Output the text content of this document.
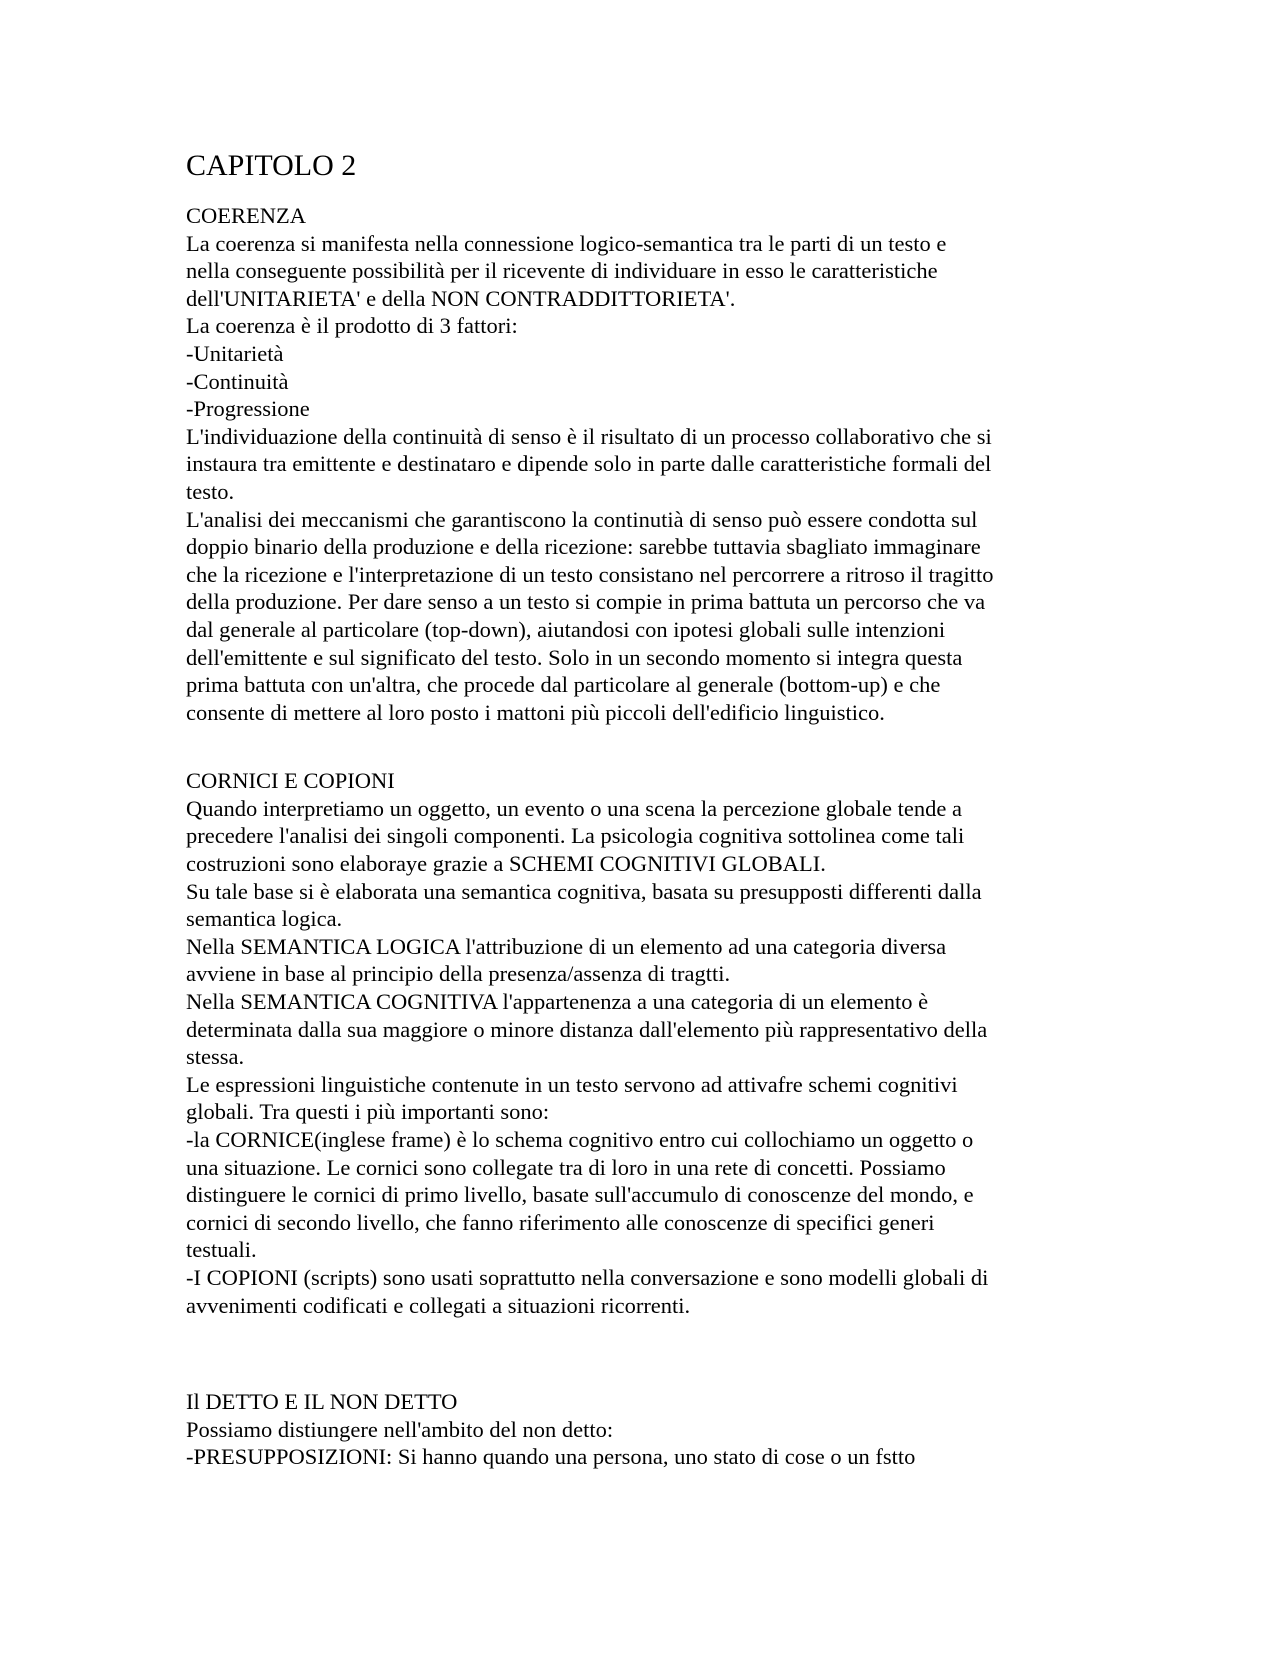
CAPITOLO 2
COERENZA
La coerenza si manifesta nella connessione logico-semantica tra le parti di un testo e
nella conseguente possibilità per il ricevente di individuare in esso le caratteristiche
dell'UNITARIETA' e della NON CONTRADDITTORIETA'.
La coerenza è il prodotto di 3 fattori:
-Unitarietà
-Continuità
-Progressione
L'individuazione della continuità di senso è il risultato di un processo collaborativo che si
instaura tra emittente e destinataro e dipende solo in parte dalle caratteristiche formali del
testo.
L'analisi dei meccanismi che garantiscono la continutià di senso può essere condotta sul
doppio binario della produzione e della ricezione: sarebbe tuttavia sbagliato immaginare
che la ricezione e l'interpretazione di un testo consistano nel percorrere a ritroso il tragitto
della produzione. Per dare senso a un testo si compie in prima battuta un percorso che va
dal generale al particolare (top-down), aiutandosi con ipotesi globali sulle intenzioni
dell'emittente e sul significato del testo. Solo in un secondo momento si integra questa
prima battuta con un'altra, che procede dal particolare al generale (bottom-up) e che
consente di mettere al loro posto i mattoni più piccoli dell'edificio linguistico.
CORNICI E COPIONI
Quando interpretiamo un oggetto, un evento o una scena la percezione globale tende a
precedere l'analisi dei singoli componenti. La psicologia cognitiva sottolinea come tali
costruzioni sono elaboraye grazie a SCHEMI COGNITIVI GLOBALI.
Su tale base si è elaborata una semantica cognitiva, basata su presupposti differenti dalla
semantica logica.
Nella SEMANTICA LOGICA l'attribuzione di un elemento ad una categoria diversa
avviene in base al principio della presenza/assenza di tragtti.
Nella SEMANTICA COGNITIVA l'appartenenza a una categoria di un elemento è
determinata dalla sua maggiore o minore distanza dall'elemento più rappresentativo della
stessa.
Le espressioni linguistiche contenute in un testo servono ad attivafre schemi cognitivi
globali. Tra questi i più importanti sono:
-la CORNICE(inglese frame) è lo schema cognitivo entro cui collochiamo un oggetto o
una situazione. Le cornici sono collegate tra di loro in una rete di concetti. Possiamo
distinguere le cornici di primo livello, basate sull'accumulo di conoscenze del mondo, e
cornici di secondo livello, che fanno riferimento alle conoscenze di specifici generi
testuali.
-I COPIONI (scripts) sono usati soprattutto nella conversazione e sono modelli globali di
avvenimenti codificati e collegati a situazioni ricorrenti.
Il DETTO E IL NON DETTO
Possiamo distiungere nell'ambito del non detto:
-PRESUPPOSIZIONI: Si hanno quando una persona, uno stato di cose o un fstto
